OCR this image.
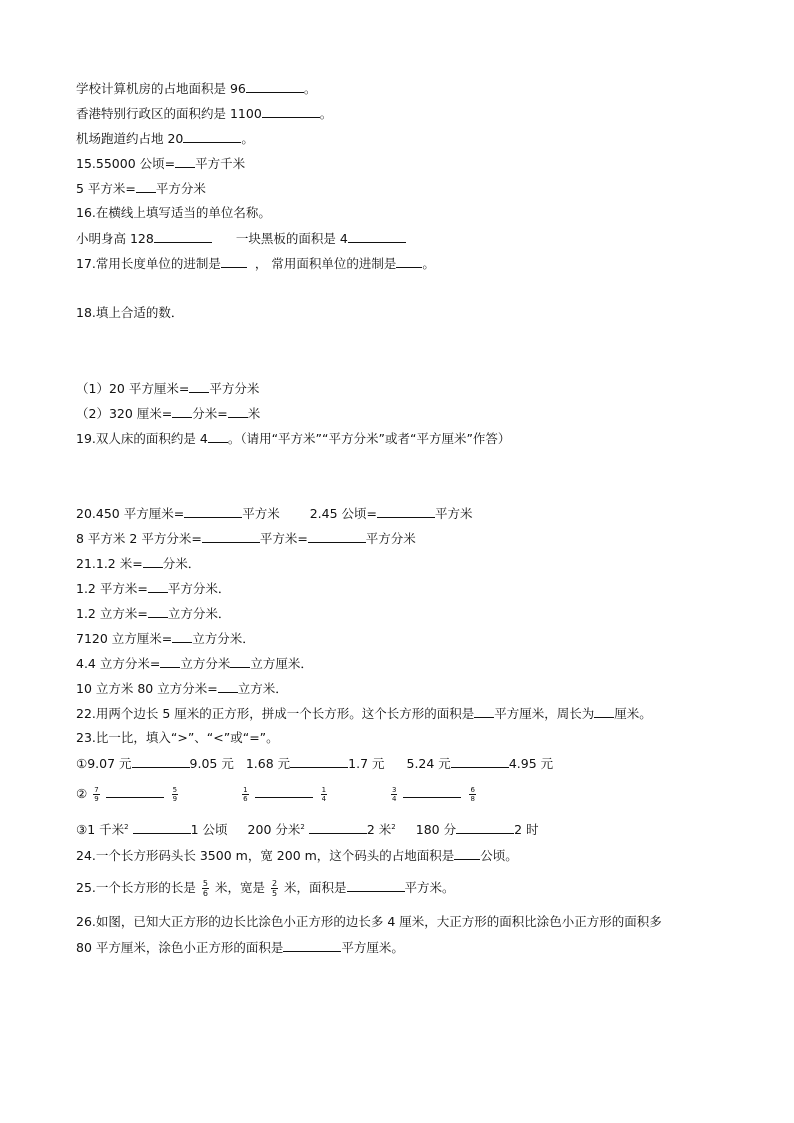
学校计算机房的占地面积是 96	。
香港特别行政区的面积约是 1100	。
机场跑道约占地 20	。
15.55000 公顷= 平方千米
5 平方米= 平方分米
16.在横线上填写适当的单位名称。
小明身高 128	一块黑板的面积是 4
17.常用长度单位的进制是	， 常用面积单位的进制是 。
18.填上合适的数．
（1）20 平方厘米= 平方分米
（2）320 厘米= 分米= 米
19.双人床的面积约是 4 。（请用“平方米”“平方分米”或者“平方厘米”作答）
20.450 平方厘米=	平方米 2.45 公顷=	平方米
8 平方米 2 平方分米=	平方米=	平方分米
21.1.2 米= 分米．
1.2 平方米= 平方分米．
1.2 立方米= 立方分米．
7120 立方厘米= 立方分米．
4.4 立方分米= 立方分米 立方厘米．
10 立方米 80 立方分米= 立方米．
22.用两个边长 5 厘米的正方形，拼成一个长方形。这个长方形的面积是 平方厘米，周长为 厘米。
23.比一比，填入“>”、“<”或“=”。
①9.07 元	9.05 元 1.68 元	1.7 元 5.24 元	4.95 元
② $\frac{7}{9}$	$\frac{5}{9}$
	$\frac{1}{6}$	$\frac{1}{4}$
	$\frac{3}{4}$	$\frac{6}{8}$
③1 千米$^2$	1 公顷 200 分米$^2$	2 米$^2$ 180 分	2 时
24.一个长方形码头长 3500 m，宽 200 m，这个码头的占地面积是 公顷。
25.一个长方形的长是 $\frac{5}{6}$ 米，宽是 $\frac{2}{5}$ 米，面积是	平方米。
26.如图，已知大正方形的边长比涂色小正方形的边长多 4 厘米，大正方形的面积比涂色小正方形的面积多
80 平方厘米，涂色小正方形的面积是	平方厘米。
